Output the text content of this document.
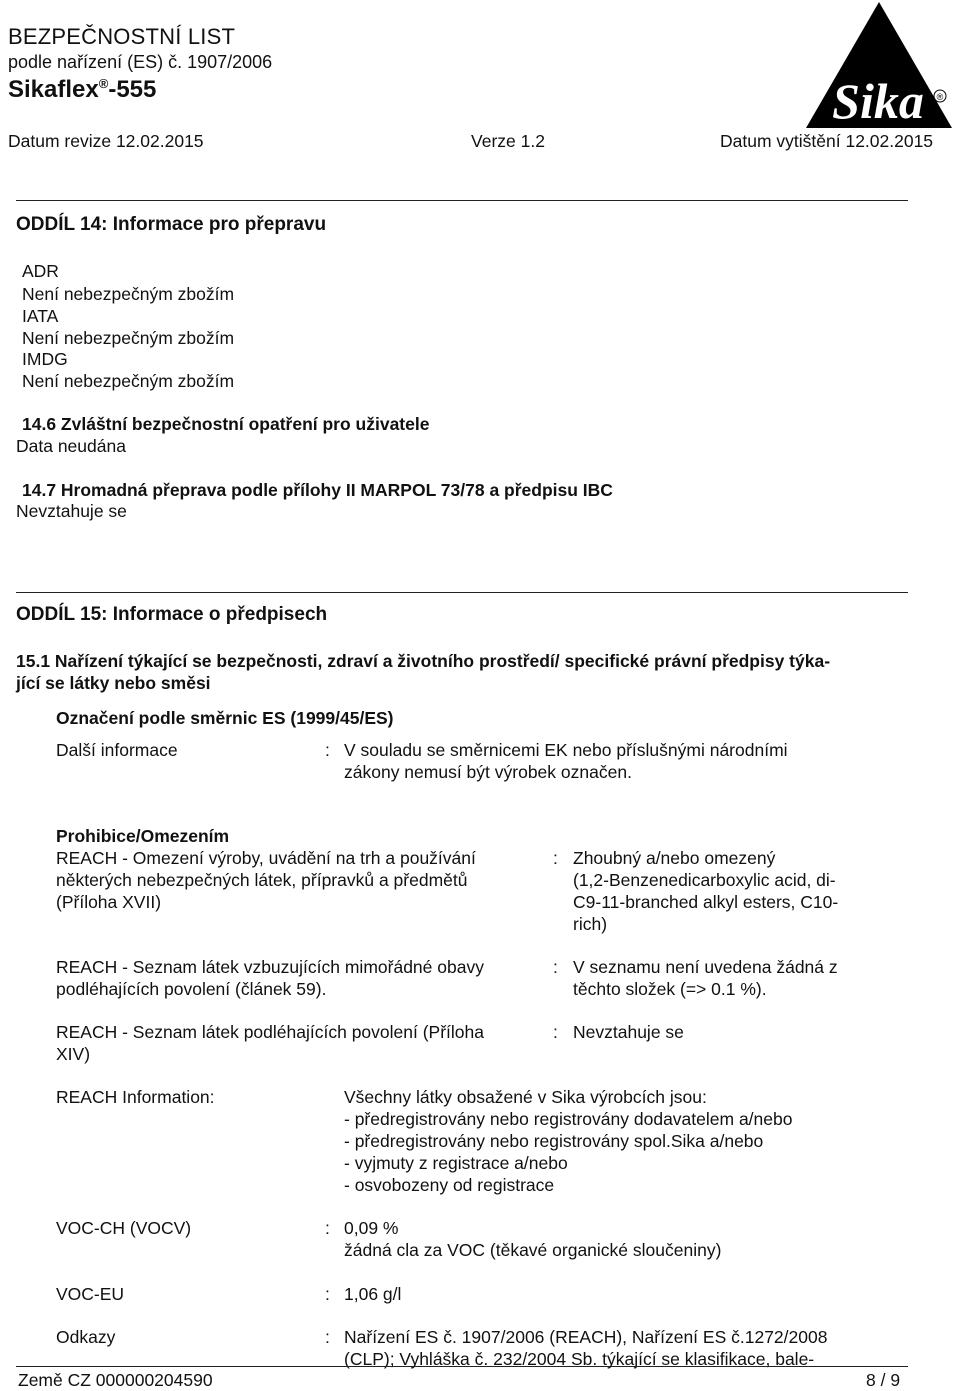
BEZPEČNOSTNÍ LIST
podle nařízení (ES) č. 1907/2006
Sikaflex®-555
Datum revize 12.02.2015	Verze 1.2	Datum vytištění 12.02.2015
Sika ®
ODDÍL 14: Informace pro přepravu
ADR
Není nebezpečným zbožím
IATA
Není nebezpečným zbožím
IMDG
Není nebezpečným zbožím
14.6 Zvláštní bezpečnostní opatření pro uživatele
Data neudána
14.7 Hromadná přeprava podle přílohy II MARPOL 73/78 a předpisu IBC
Nevztahuje se
ODDÍL 15: Informace o předpisech
15.1 Nařízení týkající se bezpečnosti, zdraví a životního prostředí/ specifické právní předpisy týka-
jící se látky nebo směsi
Označení podle směrnic ES (1999/45/ES)
Další informace	: V souladu se směrnicemi EK nebo příslušnými národními
zákony nemusí být výrobek označen.
Prohibice/Omezením
REACH - Omezení výroby, uvádění na trh a používání
některých nebezpečných látek, přípravků a předmětů
(Příloha XVII)
: Zhoubný a/nebo omezený
(1,2-Benzenedicarboxylic acid, di-
C9-11-branched alkyl esters, C10-
rich)
REACH - Seznam látek vzbuzujících mimořádné obavy
podléhajících povolení (článek 59).
: V seznamu není uvedena žádná z
těchto složek (=> 0.1 %).
REACH - Seznam látek podléhajících povolení (Příloha
XIV)
: Nevztahuje se
REACH Information:	Všechny látky obsažené v Sika výrobcích jsou:
- předregistrovány nebo registrovány dodavatelem a/nebo
- předregistrovány nebo registrovány spol.Sika a/nebo
- vyjmuty z registrace a/nebo
- osvobozeny od registrace
VOC-CH (VOCV)	: 0,09 %
žádná cla za VOC (těkavé organické sloučeniny)
VOC-EU	: 1,06 g/l
Odkazy	: Nařízení ES č. 1907/2006 (REACH), Nařízení ES č.1272/2008
(CLP); Vyhláška č. 232/2004 Sb. týkající se klasifikace, bale-
Země CZ 000000204590	8 / 9
